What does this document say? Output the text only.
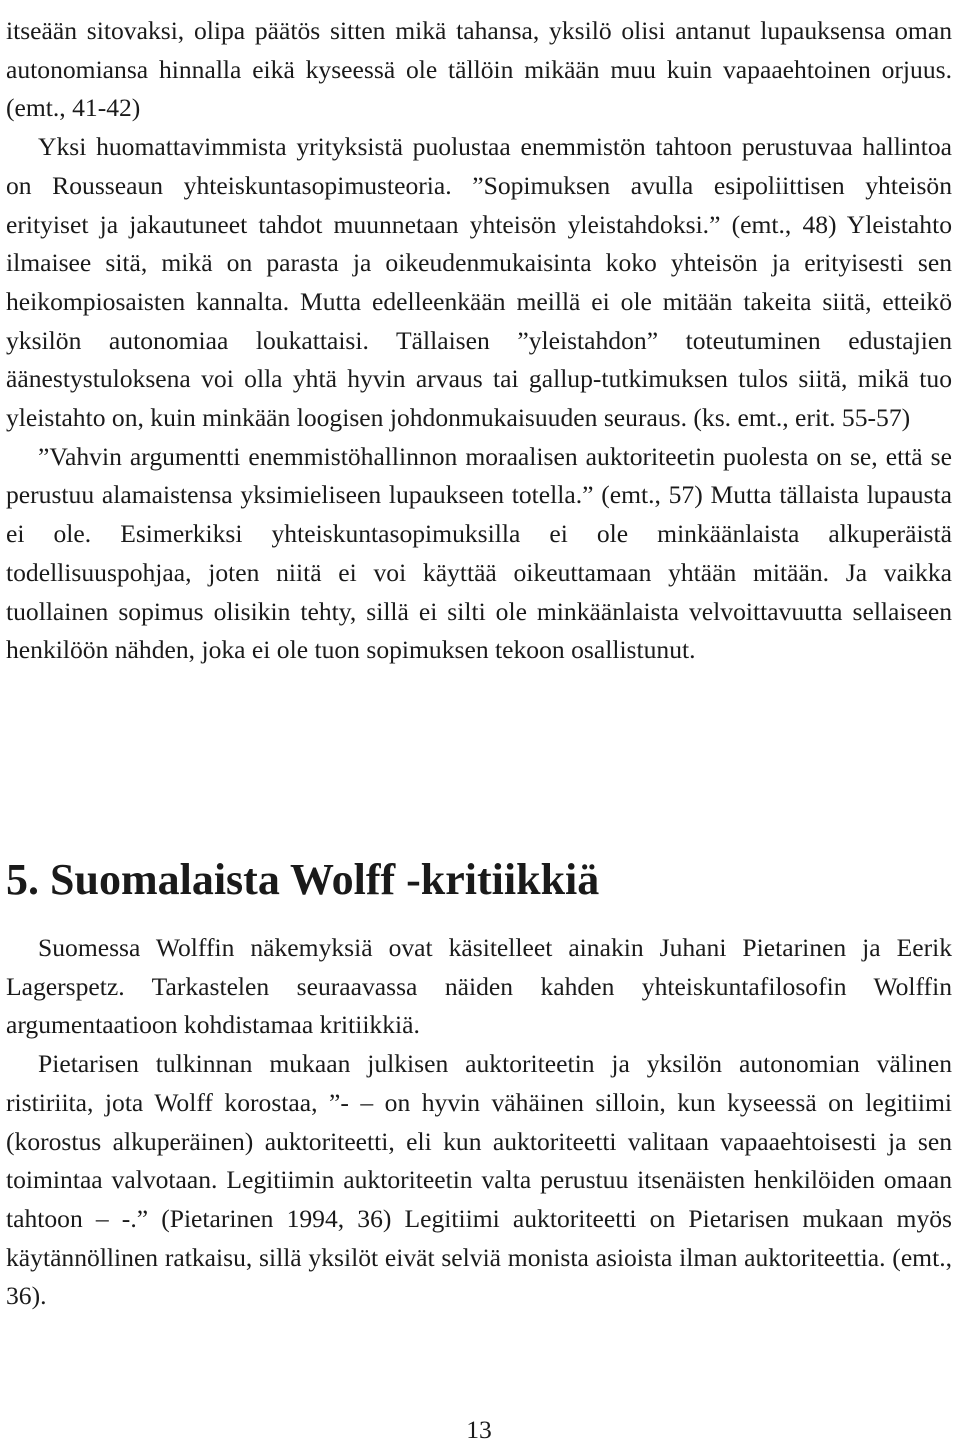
itseään sitovaksi, olipa päätös sitten mikä tahansa, yksilö olisi antanut lupauksensa oman autonomiansa hinnalla eikä kyseessä ole tällöin mikään muu kuin vapaaehtoinen orjuus. (emt., 41-42)

Yksi huomattavimmista yrityksistä puolustaa enemmistön tahtoon perustuvaa hallintoa on Rousseaun yhteiskuntasopimusteoria. ”Sopimuksen avulla esipoliittisen yhteisön erityiset ja jakautuneet tahdot muunnetaan yhteisön yleistahdoksi.” (emt., 48) Yleistahto ilmaisee sitä, mikä on parasta ja oikeudenmukaisinta koko yhteisön ja erityisesti sen heikompiosaisten kannalta. Mutta edelleenkään meillä ei ole mitään takeita siitä, etteikö yksilön autonomiaa loukattaisi. Tällaisen ”yleistahdon” toteutuminen edustajien äänestystuloksena voi olla yhtä hyvin arvaus tai gallup-tutkimuksen tulos siitä, mikä tuo yleistahto on, kuin minkään loogisen johdonmukaisuuden seuraus. (ks. emt., erit. 55-57)

”Vahvin argumentti enemmistöhallinnon moraalisen auktoriteetin puolesta on se, että se perustuu alamaistensa yksimieliseen lupaukseen totella.” (emt., 57) Mutta tällaista lupausta ei ole. Esimerkiksi yhteiskuntasopimuksilla ei ole minkäänlaista alkuperäistä todellisuuspohjaa, joten niitä ei voi käyttää oikeuttamaan yhtään mitään. Ja vaikka tuollainen sopimus olisikin tehty, sillä ei silti ole minkäänlaista velvoittavuutta sellaiseen henkilöön nähden, joka ei ole tuon sopimuksen tekoon osallistunut.

5. Suomalaista Wolff -kritiikkiä

Suomessa Wolffin näkemyksiä ovat käsitelleet ainakin Juhani Pietarinen ja Eerik Lagerspetz. Tarkastelen seuraavassa näiden kahden yhteiskuntafilosofin Wolffin argumentaatioon kohdistamaa kritiikkiä.

Pietarisen tulkinnan mukaan julkisen auktoriteetin ja yksilön autonomian välinen ristiriita, jota Wolff korostaa, ”- – on hyvin vähäinen silloin, kun kyseessä on legitiimi (korostus alkuperäinen) auktoriteetti, eli kun auktoriteetti valitaan vapaaehtoisesti ja sen toimintaa valvotaan. Legitiimin auktoriteetin valta perustuu itsenäisten henkilöiden omaan tahtoon – -.” (Pietarinen 1994, 36) Legitiimi auktoriteetti on Pietarisen mukaan myös käytännöllinen ratkaisu, sillä yksilöt eivät selviä monista asioista ilman auktoriteettia. (emt., 36).

13
